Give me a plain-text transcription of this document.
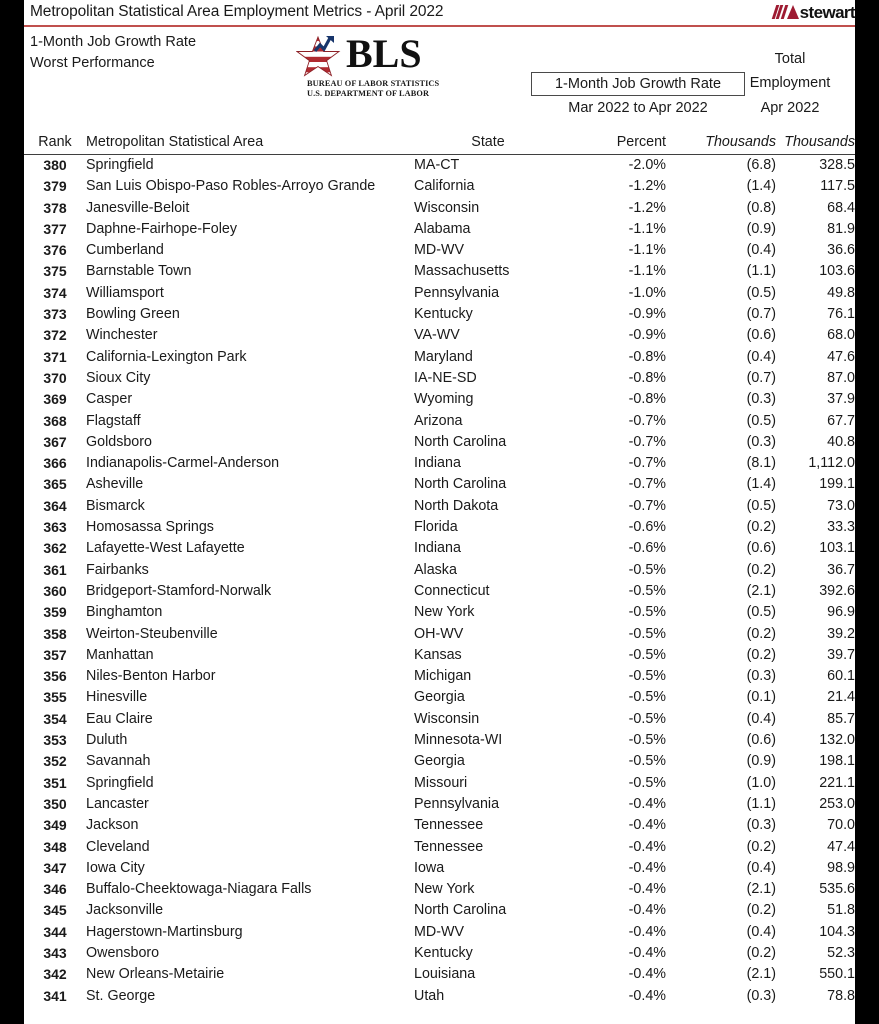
Metropolitan Statistical Area Employment Metrics - April 2022	stewart
1-Month Job Growth Rate
Worst Performance	BLS
BUREAU OF LABOR STATISTICS
U.S. DEPARTMENT OF LABOR
1-Month Job Growth Rate
Mar 2022 to Apr 2022
Total
Employment
Apr 2022
Rank	Metropolitan Statistical Area	State	Percent	Thousands	Thousands

380	Springfield	MA-CT	-2.0%	(6.8)	328.5
379	San Luis Obispo-Paso Robles-Arroyo Grande	California	-1.2%	(1.4)	117.5
378	Janesville-Beloit	Wisconsin	-1.2%	(0.8)	68.4
377	Daphne-Fairhope-Foley	Alabama	-1.1%	(0.9)	81.9
376	Cumberland	MD-WV	-1.1%	(0.4)	36.6
375	Barnstable Town	Massachusetts	-1.1%	(1.1)	103.6
374	Williamsport	Pennsylvania	-1.0%	(0.5)	49.8
373	Bowling Green	Kentucky	-0.9%	(0.7)	76.1
372	Winchester	VA-WV	-0.9%	(0.6)	68.0
371	California-Lexington Park	Maryland	-0.8%	(0.4)	47.6
370	Sioux City	IA-NE-SD	-0.8%	(0.7)	87.0
369	Casper	Wyoming	-0.8%	(0.3)	37.9
368	Flagstaff	Arizona	-0.7%	(0.5)	67.7
367	Goldsboro	North Carolina	-0.7%	(0.3)	40.8
366	Indianapolis-Carmel-Anderson	Indiana	-0.7%	(8.1)	1,112.0
365	Asheville	North Carolina	-0.7%	(1.4)	199.1
364	Bismarck	North Dakota	-0.7%	(0.5)	73.0
363	Homosassa Springs	Florida	-0.6%	(0.2)	33.3
362	Lafayette-West Lafayette	Indiana	-0.6%	(0.6)	103.1
361	Fairbanks	Alaska	-0.5%	(0.2)	36.7
360	Bridgeport-Stamford-Norwalk	Connecticut	-0.5%	(2.1)	392.6
359	Binghamton	New York	-0.5%	(0.5)	96.9
358	Weirton-Steubenville	OH-WV	-0.5%	(0.2)	39.2
357	Manhattan	Kansas	-0.5%	(0.2)	39.7
356	Niles-Benton Harbor	Michigan	-0.5%	(0.3)	60.1
355	Hinesville	Georgia	-0.5%	(0.1)	21.4
354	Eau Claire	Wisconsin	-0.5%	(0.4)	85.7
353	Duluth	Minnesota-WI	-0.5%	(0.6)	132.0
352	Savannah	Georgia	-0.5%	(0.9)	198.1
351	Springfield	Missouri	-0.5%	(1.0)	221.1
350	Lancaster	Pennsylvania	-0.4%	(1.1)	253.0
349	Jackson	Tennessee	-0.4%	(0.3)	70.0
348	Cleveland	Tennessee	-0.4%	(0.2)	47.4
347	Iowa City	Iowa	-0.4%	(0.4)	98.9
346	Buffalo-Cheektowaga-Niagara Falls	New York	-0.4%	(2.1)	535.6
345	Jacksonville	North Carolina	-0.4%	(0.2)	51.8
344	Hagerstown-Martinsburg	MD-WV	-0.4%	(0.4)	104.3
343	Owensboro	Kentucky	-0.4%	(0.2)	52.3
342	New Orleans-Metairie	Louisiana	-0.4%	(2.1)	550.1
341	St. George	Utah	-0.4%	(0.3)	78.8
